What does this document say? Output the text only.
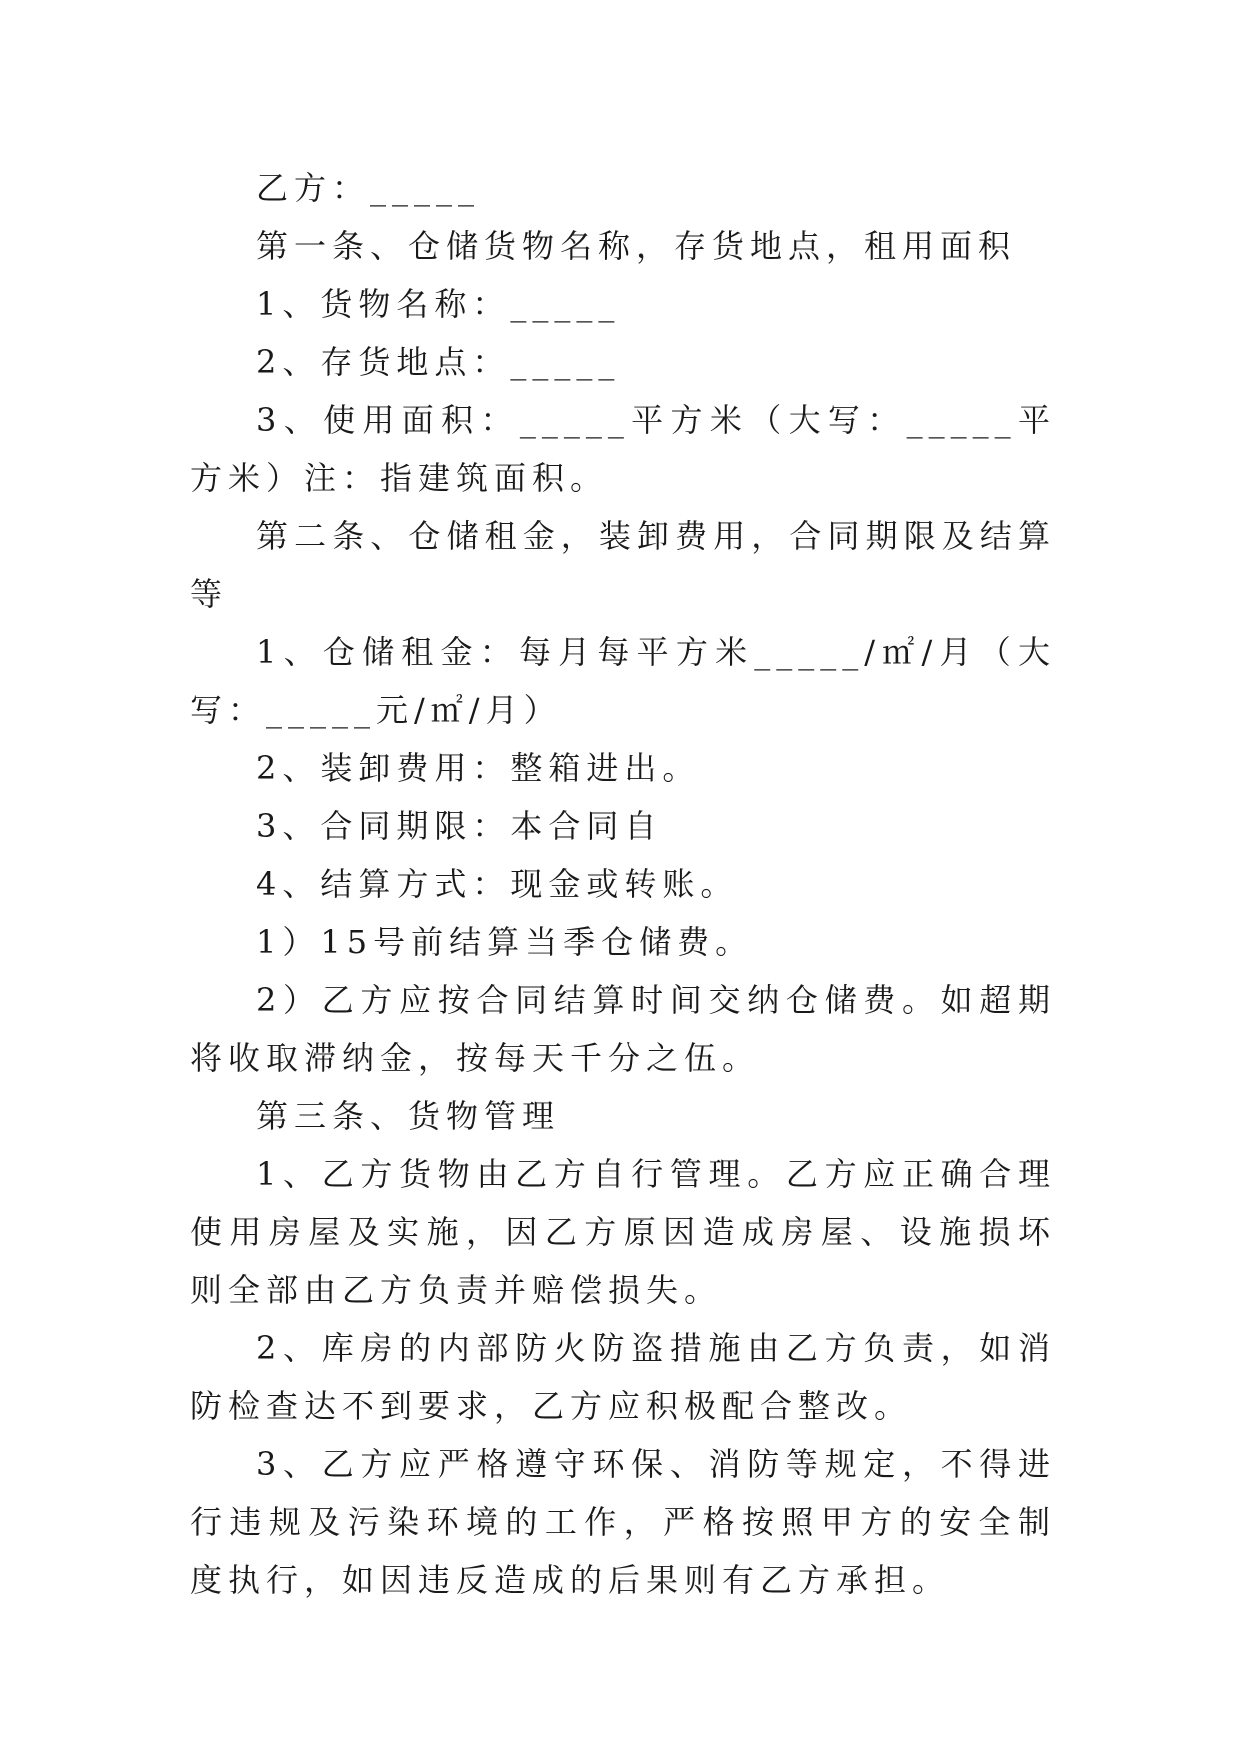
乙方：_____

第一条、仓储货物名称，存货地点，租用面积

1、货物名称：_____

2、存货地点：_____

3、使用面积：_____平方米（大写：_____平方米）注：指建筑面积。

第二条、仓储租金，装卸费用，合同期限及结算等

1、仓储租金：每月每平方米_____/㎡/月（大写：_____元/㎡/月）

2、装卸费用：整箱进出。

3、合同期限：本合同自

4、结算方式：现金或转账。

1）15号前结算当季仓储费。

2）乙方应按合同结算时间交纳仓储费。如超期将收取滞纳金，按每天千分之伍。

第三条、货物管理

1、乙方货物由乙方自行管理。乙方应正确合理使用房屋及实施，因乙方原因造成房屋、设施损坏则全部由乙方负责并赔偿损失。

2、库房的内部防火防盗措施由乙方负责，如消防检查达不到要求，乙方应积极配合整改。

3、乙方应严格遵守环保、消防等规定，不得进行违规及污染环境的工作，严格按照甲方的安全制度执行，如因违反造成的后果则有乙方承担。
